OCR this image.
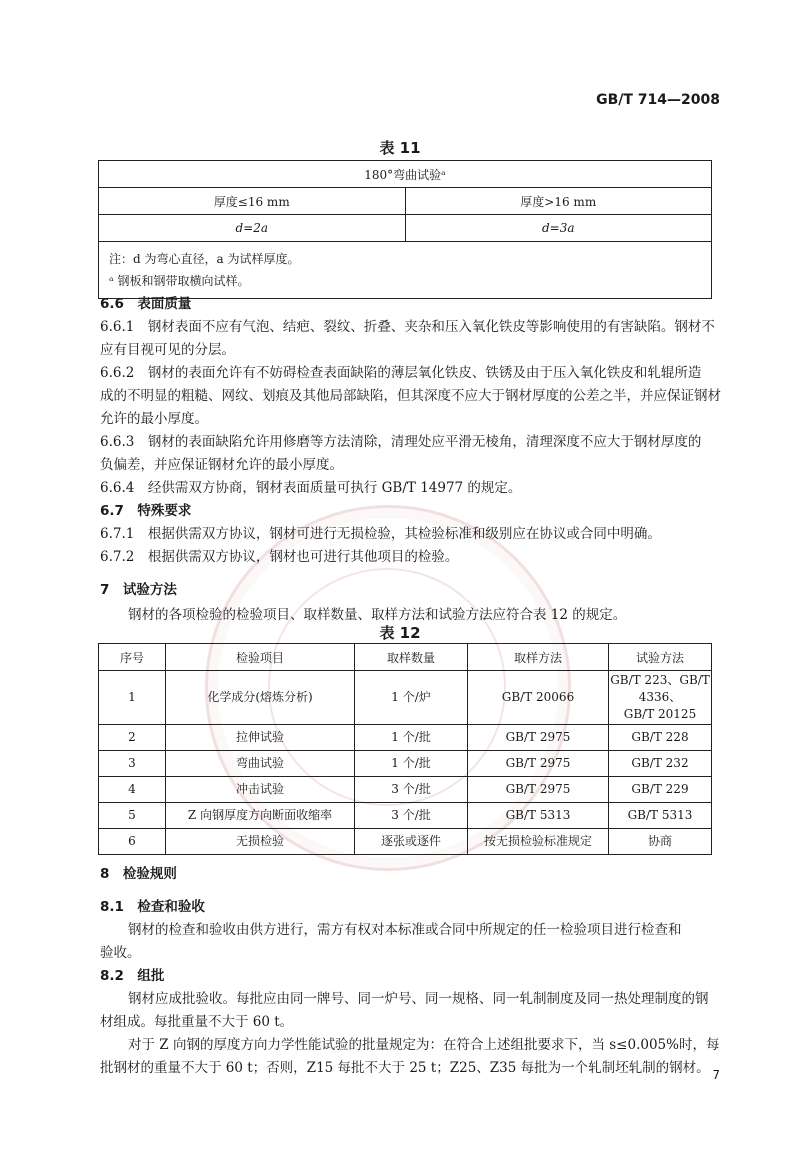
GB/T 714—2008
表 11
180°弯曲试验ᵃ	
厚度≤16 mm	厚度>16 mm
d=2a	d=3a

注：d 为弯心直径，a 为试样厚度。
ᵃ 钢板和钢带取横向试样。	
6.6　表面质量
6.6.1　钢材表面不应有气泡、结疤、裂纹、折叠、夹杂和压入氧化铁皮等影响使用的有害缺陷。钢材不
应有目视可见的分层。
6.6.2　钢材的表面允许有不妨碍检查表面缺陷的薄层氧化铁皮、铁锈及由于压入氧化铁皮和轧辊所造
成的不明显的粗糙、网纹、划痕及其他局部缺陷，但其深度不应大于钢材厚度的公差之半，并应保证钢材
允许的最小厚度。
6.6.3　钢材的表面缺陷允许用修磨等方法清除，清理处应平滑无棱角，清理深度不应大于钢材厚度的
负偏差，并应保证钢材允许的最小厚度。
6.6.4　经供需双方协商，钢材表面质量可执行 GB/T 14977 的规定。
6.7　特殊要求
6.7.1　根据供需双方协议，钢材可进行无损检验，其检验标准和级别应在协议或合同中明确。
6.7.2　根据供需双方协议，钢材也可进行其他项目的检验。
7　试验方法
钢材的各项检验的检验项目、取样数量、取样方法和试验方法应符合表 12 的规定。
表 12
序号	检验项目	取样数量	取样方法	试验方法
1	化学成分(熔炼分析)	1 个/炉	GB/T 20066	GB/T 223、GB/T 4336、
GB/T 20125

2	拉伸试验	1 个/批	GB/T 2975	GB/T 228
3	弯曲试验	1 个/批	GB/T 2975	GB/T 232
4	冲击试验	3 个/批	GB/T 2975	GB/T 229
5	Z 向钢厚度方向断面收缩率	3 个/批	GB/T 5313	GB/T 5313
6	无损检验	逐张或逐件	按无损检验标准规定	协商
8　检验规则
8.1　检查和验收
钢材的检查和验收由供方进行，需方有权对本标准或合同中所规定的任一检验项目进行检查和
验收。
8.2　组批
钢材应成批验收。每批应由同一牌号、同一炉号、同一规格、同一轧制制度及同一热处理制度的钢
材组成。每批重量不大于 60 t。
对于 Z 向钢的厚度方向力学性能试验的批量规定为：在符合上述组批要求下，当 s≤0.005%时，每
批钢材的重量不大于 60 t；否则，Z15 每批不大于 25 t；Z25、Z35 每批为一个轧制坯轧制的钢材。 7
